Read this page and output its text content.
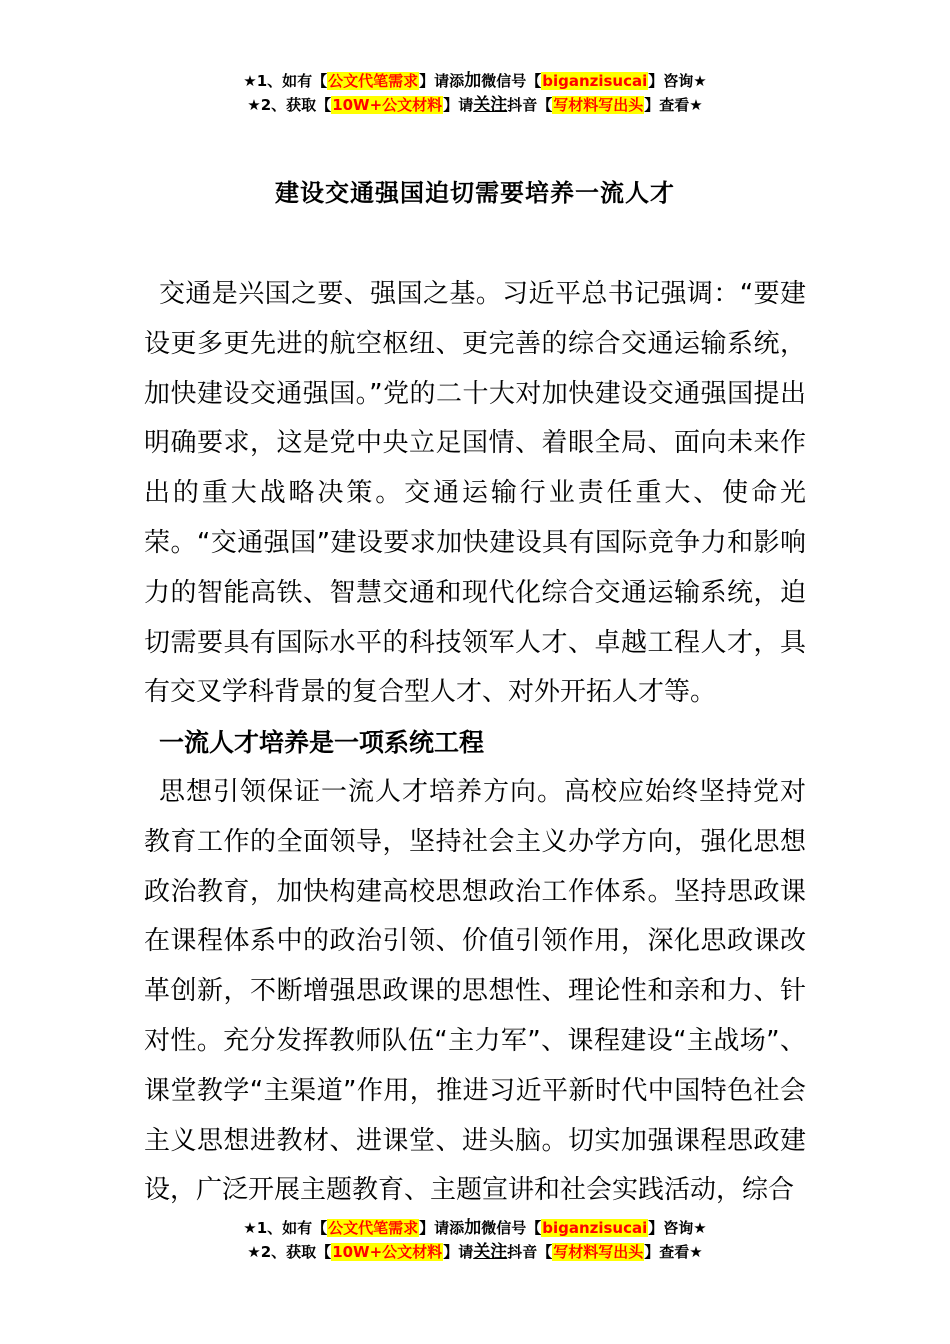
★1、如有【公文代笔需求】请添加微信号【biganzisucai】咨询★
★2、获取【10W+公文材料】请关注抖音【写材料写出头】查看★
建设交通强国迫切需要培养一流人才

交通是兴国之要、强国之基。习近平总书记强调：“要建设更多更先进的航空枢纽、更完善的综合交通运输系统，加快建设交通强国。”党的二十大对加快建设交通强国提出明确要求，这是党中央立足国情、着眼全局、面向未来作出的重大战略决策。交通运输行业责任重大、使命光荣。“交通强国”建设要求加快建设具有国际竞争力和影响力的智能高铁、智慧交通和现代化综合交通运输系统，迫切需要具有国际水平的科技领军人才、卓越工程人才，具有交叉学科背景的复合型人才、对外开拓人才等。

一流人才培养是一项系统工程

思想引领保证一流人才培养方向。高校应始终坚持党对教育工作的全面领导，坚持社会主义办学方向，强化思想政治教育，加快构建高校思想政治工作体系。坚持思政课在课程体系中的政治引领、价值引领作用，深化思政课改革创新，不断增强思政课的思想性、理论性和亲和力、针对性。充分发挥教师队伍“主力军”、课程建设“主战场”、课堂教学“主渠道”作用，推进习近平新时代中国特色社会主义思想进教材、进课堂、进头脑。切实加强课程思政建设，广泛开展主题教育、主题宣讲和社会实践活动，综合

★1、如有【公文代笔需求】请添加微信号【biganzisucai】咨询★
★2、获取【10W+公文材料】请关注抖音【写材料写出头】查看★
